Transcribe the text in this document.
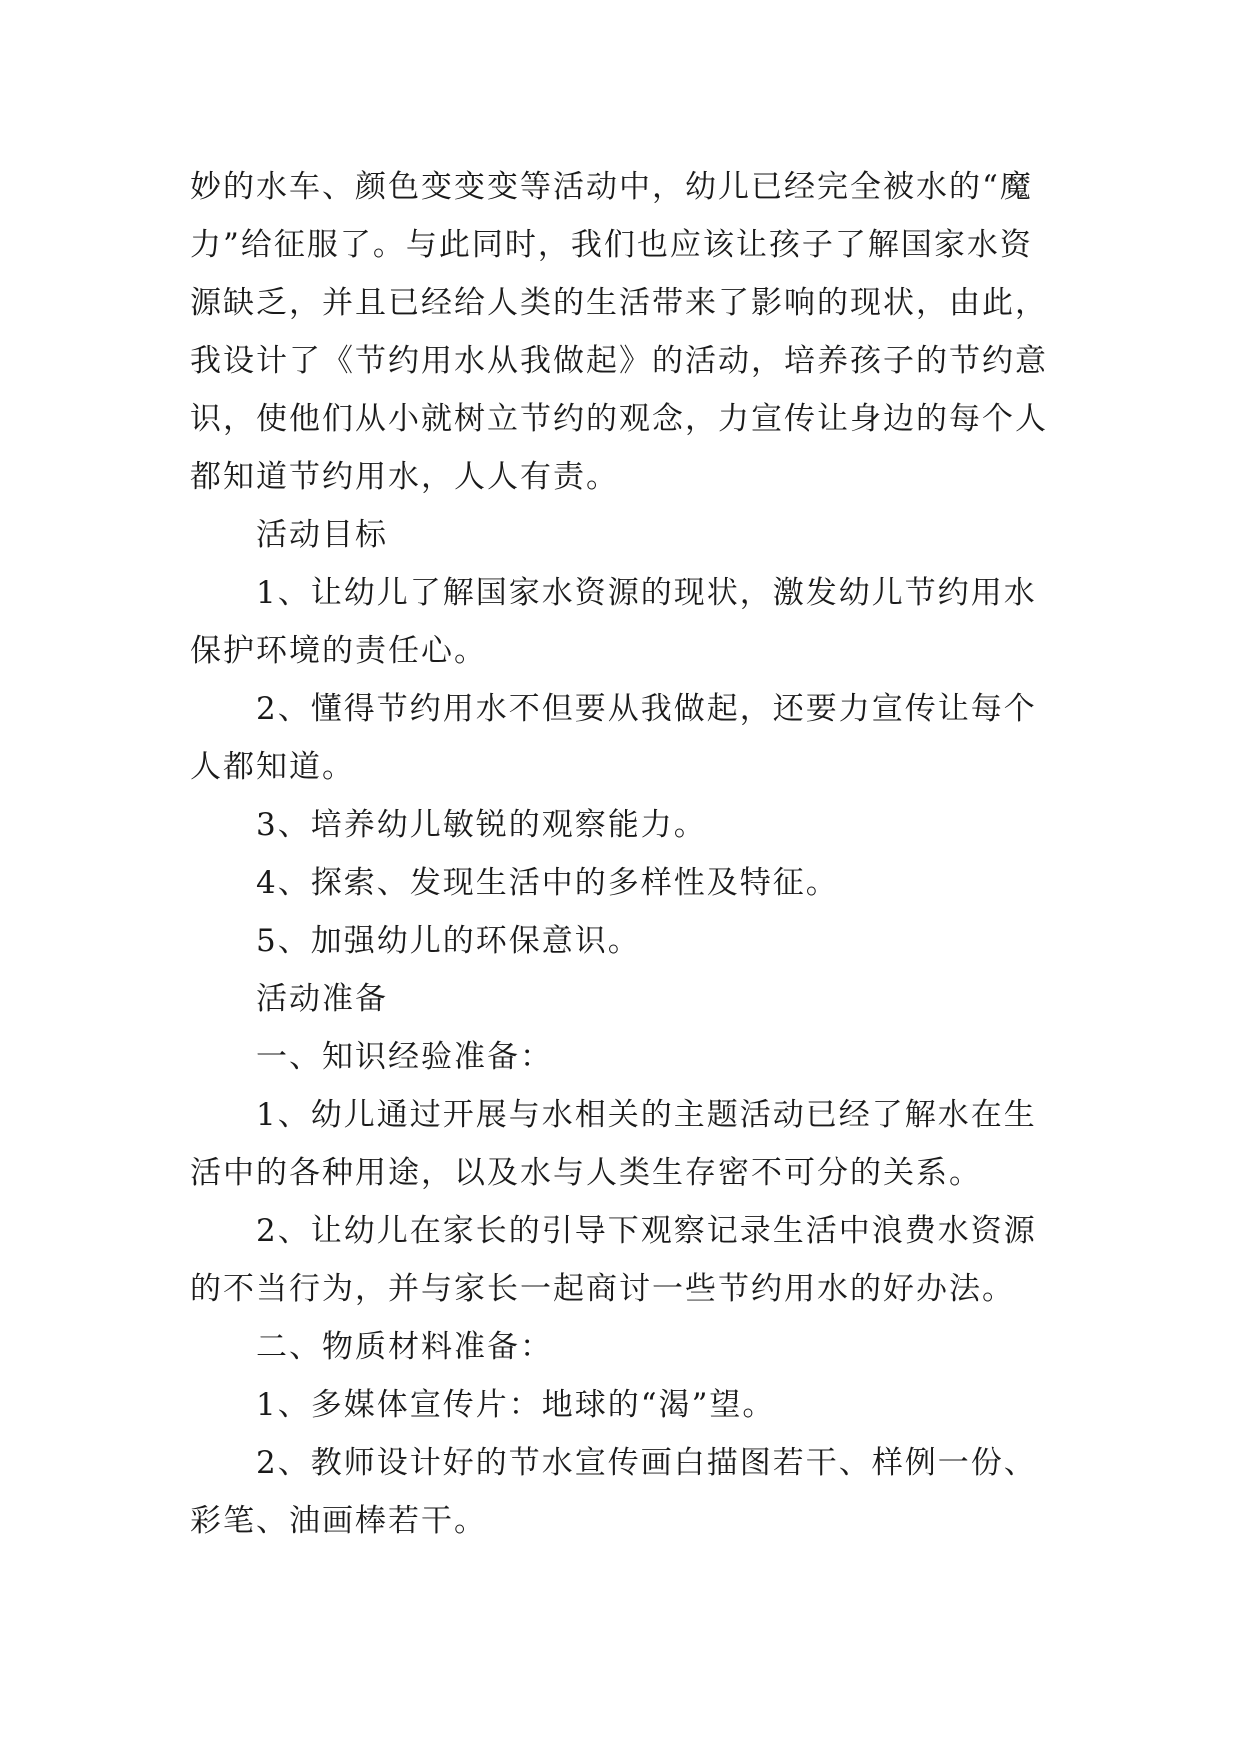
妙的水车、颜色变变变等活动中，幼儿已经完全被水的“魔
力”给征服了。与此同时，我们也应该让孩子了解国家水资
源缺乏，并且已经给人类的生活带来了影响的现状，由此，
我设计了《节约用水从我做起》的活动，培养孩子的节约意
识，使他们从小就树立节约的观念，力宣传让身边的每个人
都知道节约用水，人人有责。
活动目标
1、让幼儿了解国家水资源的现状，激发幼儿节约用水
保护环境的责任心。
2、懂得节约用水不但要从我做起，还要力宣传让每个
人都知道。
3、培养幼儿敏锐的观察能力。
4、探索、发现生活中的多样性及特征。
5、加强幼儿的环保意识。
活动准备
一、知识经验准备：
1、幼儿通过开展与水相关的主题活动已经了解水在生
活中的各种用途，以及水与人类生存密不可分的关系。
2、让幼儿在家长的引导下观察记录生活中浪费水资源
的不当行为，并与家长一起商讨一些节约用水的好办法。
二、物质材料准备：
1、多媒体宣传片：地球的“渴”望。
2、教师设计好的节水宣传画白描图若干、样例一份、
彩笔、油画棒若干。
